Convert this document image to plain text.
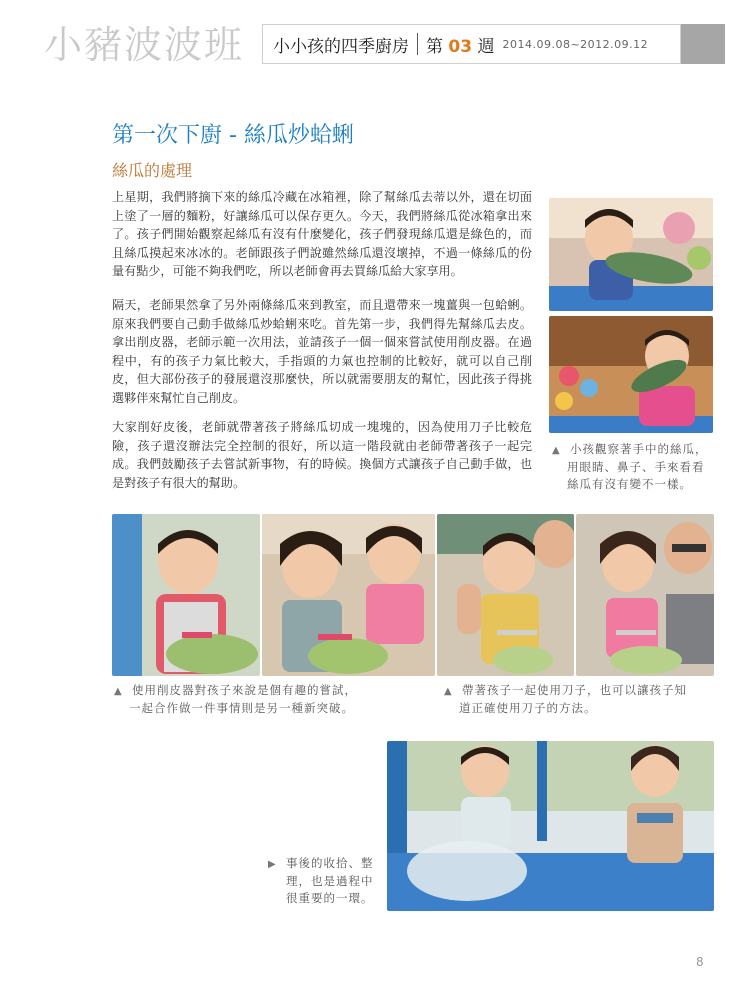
小豬波波班 小小孩的四季廚房 第 03 週 2014.09.08~2012.09.12
第一次下廚 - 絲瓜炒蛤蜊
絲瓜的處理

上星期，我們將摘下來的絲瓜冷藏在冰箱裡，除了幫絲瓜去蒂以外，還在切面上塗了一層的麵粉，好讓絲瓜可以保存更久。今天，我們將絲瓜從冰箱拿出來了。孩子們開始觀察起絲瓜有沒有什麼變化，孩子們發現絲瓜還是綠色的，而且絲瓜摸起來冰冰的。老師跟孩子們說雖然絲瓜還沒壞掉，不過一條絲瓜的份量有點少，可能不夠我們吃，所以老師會再去買絲瓜給大家享用。

隔天，老師果然拿了另外兩條絲瓜來到教室，而且還帶來一塊薑與一包蛤蜊。原來我們要自己動手做絲瓜炒蛤蜊來吃。首先第一步，我們得先幫絲瓜去皮。拿出削皮器，老師示範一次用法，並請孩子一個一個來嘗試使用削皮器。在過程中，有的孩子力氣比較大，手指頭的力氣也控制的比較好，就可以自己削皮，但大部份孩子的發展還沒那麼快，所以就需要朋友的幫忙，因此孩子得挑選夥伴來幫忙自己削皮。

大家削好皮後，老師就帶著孩子將絲瓜切成一塊塊的，因為使用刀子比較危險，孩子還沒辦法完全控制的很好，所以這一階段就由老師帶著孩子一起完成。我們鼓勵孩子去嘗試新事物，有的時候。換個方式讓孩子自己動手做，也是對孩子有很大的幫助。

▲ 小孩觀察著手中的絲瓜，
用眼睛、鼻子、手來看看
絲瓜有沒有變不一樣。
▲ 使用削皮器對孩子來說是個有趣的嘗試，
一起合作做一件事情則是另一種新突破。
▲ 帶著孩子一起使用刀子，也可以讓孩子知
道正確使用刀子的方法。
▶ 事後的收拾、整
理，也是過程中
很重要的一環。
8
